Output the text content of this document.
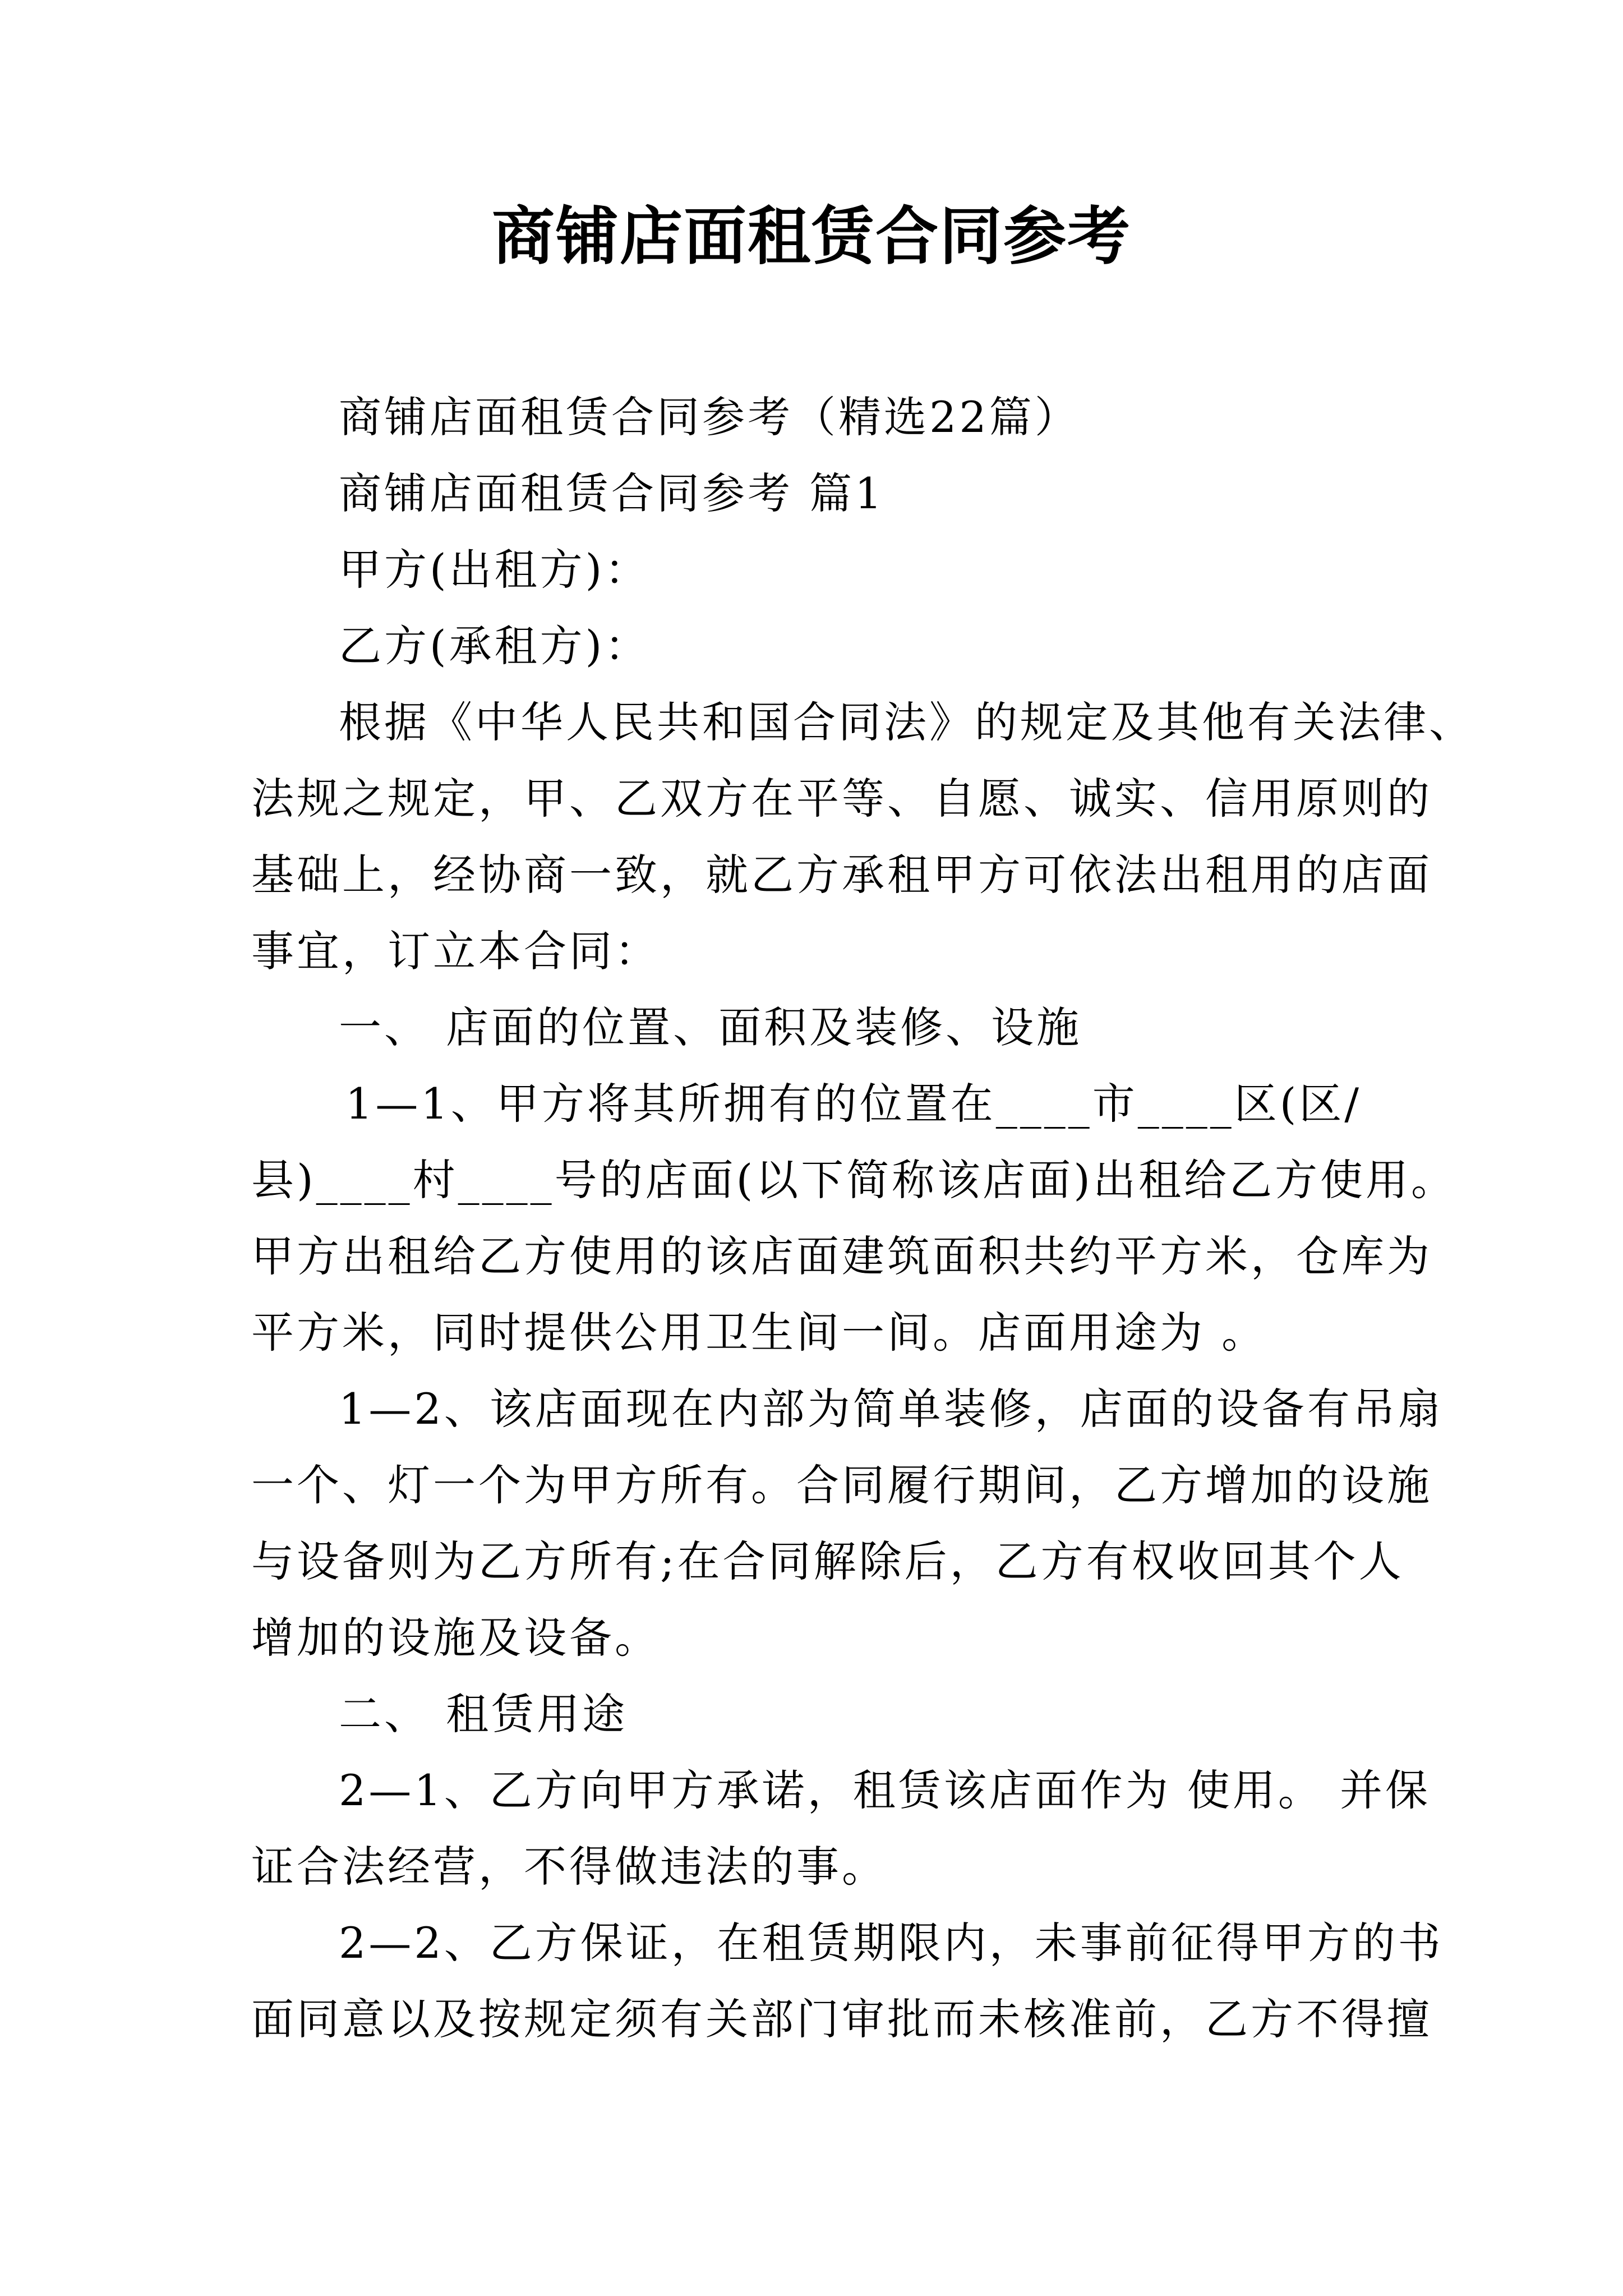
商铺店面租赁合同参考
商铺店面租赁合同参考（精选22篇）
商铺店面租赁合同参考 篇1
甲方(出租方)：
乙方(承租方)：
根据《中华人民共和国合同法》的规定及其他有关法律、
法规之规定，甲、乙双方在平等、自愿、诚实、信用原则的
基础上，经协商一致，就乙方承租甲方可依法出租用的店面
事宜，订立本合同：
一、 店面的位置、面积及装修、设施
1—1、甲方将其所拥有的位置在____市____区(区/
县)____村____号的店面(以下简称该店面)出租给乙方使用。
甲方出租给乙方使用的该店面建筑面积共约平方米，仓库为
平方米，同时提供公用卫生间一间。店面用途为 。
1—2、该店面现在内部为简单装修，店面的设备有吊扇
一个、灯一个为甲方所有。合同履行期间，乙方增加的设施
与设备则为乙方所有;在合同解除后，乙方有权收回其个人
增加的设施及设备。
二、 租赁用途
2—1、乙方向甲方承诺，租赁该店面作为 使用。 并保
证合法经营，不得做违法的事。
2—2、乙方保证，在租赁期限内，未事前征得甲方的书
面同意以及按规定须有关部门审批而未核准前，乙方不得擅
